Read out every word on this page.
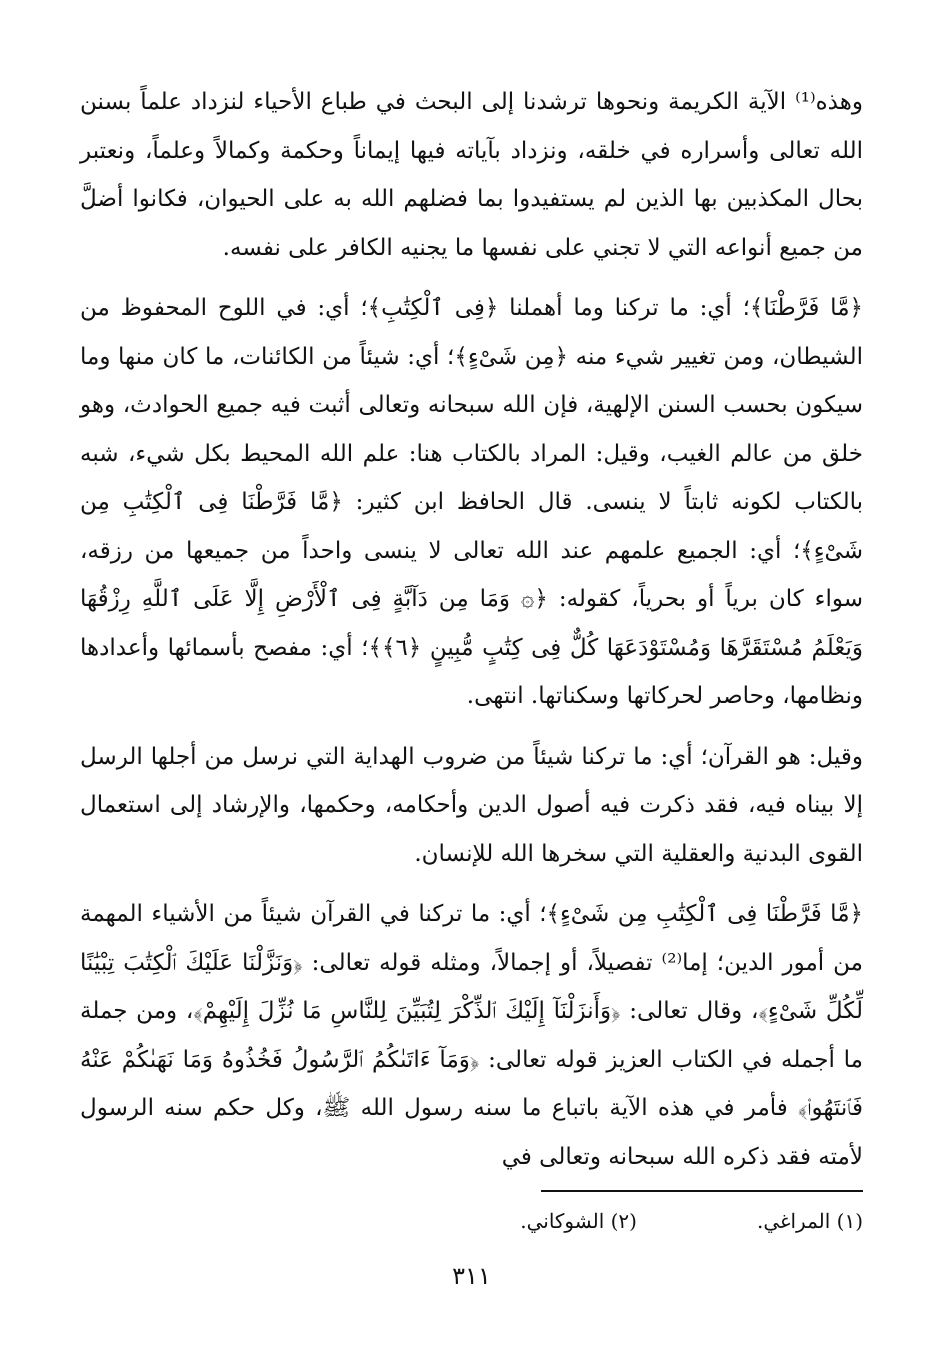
وهذه⁽¹⁾ الآية الكريمة ونحوها ترشدنا إلى البحث في طباع الأحياء لنزداد علماً بسنن الله تعالى وأسراره في خلقه، ونزداد بآياته فيها إيماناً وحكمة وكمالاً وعلماً، ونعتبر بحال المكذبين بها الذين لم يستفيدوا بما فضلهم الله به على الحيوان، فكانوا أضلَّ من جميع أنواعه التي لا تجني على نفسها ما يجنيه الكافر على نفسه.

﴿مَّا فَرَّطْنَا﴾؛ أي: ما تركنا وما أهملنا ﴿فِى ٱلْكِتَٰبِ﴾؛ أي: في اللوح المحفوظ من الشيطان، ومن تغيير شيء منه ﴿مِن شَىْءٍ﴾؛ أي: شيئاً من الكائنات، ما كان منها وما سيكون بحسب السنن الإلهية، فإن الله سبحانه وتعالى أثبت فيه جميع الحوادث، وهو خلق من عالم الغيب، وقيل: المراد بالكتاب هنا: علم الله المحيط بكل شيء، شبه بالكتاب لكونه ثابتاً لا ينسى. قال الحافظ ابن كثير: ﴿مَّا فَرَّطْنَا فِى ٱلْكِتَٰبِ مِن شَىْءٍ﴾؛ أي: الجميع علمهم عند الله تعالى لا ينسى واحداً من جميعها من رزقه، سواء كان برياً أو بحرياً، كقوله: ﴿۞ وَمَا مِن دَآبَّةٍ فِى ٱلْأَرْضِ إِلَّا عَلَى ٱللَّهِ رِزْقُهَا وَيَعْلَمُ مُسْتَقَرَّهَا وَمُسْتَوْدَعَهَا كُلٌّ فِى كِتَٰبٍ مُّبِينٍ ﴿٦﴾﴾؛ أي: مفصح بأسمائها وأعدادها ونظامها، وحاصر لحركاتها وسكناتها. انتهى.

وقيل: هو القرآن؛ أي: ما تركنا شيئاً من ضروب الهداية التي نرسل من أجلها الرسل إلا بيناه فيه، فقد ذكرت فيه أصول الدين وأحكامه، وحكمها، والإرشاد إلى استعمال القوى البدنية والعقلية التي سخرها الله للإنسان.

﴿مَّا فَرَّطْنَا فِى ٱلْكِتَٰبِ مِن شَىْءٍ﴾؛ أي: ما تركنا في القرآن شيئاً من الأشياء المهمة من أمور الدين؛ إما⁽²⁾ تفصيلاً، أو إجمالاً، ومثله قوله تعالى: ﴿وَنَزَّلْنَا عَلَيْكَ ٱلْكِتَٰبَ تِبْيَٰنًا لِّكُلِّ شَىْءٍ﴾، وقال تعالى: ﴿وَأَنزَلْنَآ إِلَيْكَ ٱلذِّكْرَ لِتُبَيِّنَ لِلنَّاسِ مَا نُزِّلَ إِلَيْهِمْ﴾، ومن جملة ما أجمله في الكتاب العزيز قوله تعالى: ﴿وَمَآ ءَاتَىٰكُمُ ٱلرَّسُولُ فَخُذُوهُ وَمَا نَهَىٰكُمْ عَنْهُ فَٱنتَهُوا۟﴾ فأمر في هذه الآية باتباع ما سنه رسول الله ﷺ، وكل حكم سنه الرسول لأمته فقد ذكره الله سبحانه وتعالى في

(١) المراغي.
(٢) الشوكاني.
٣١١
